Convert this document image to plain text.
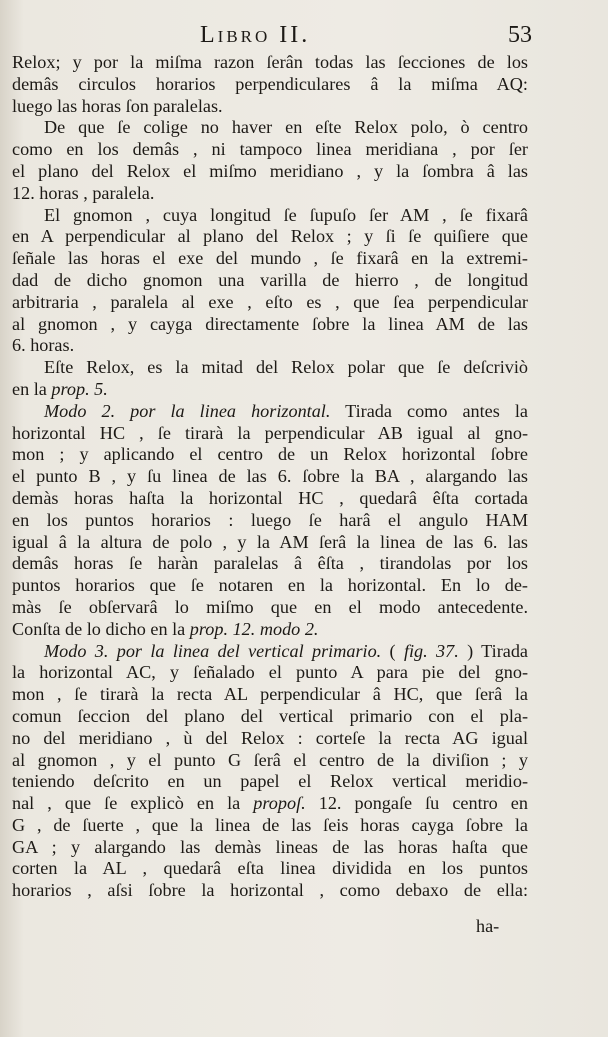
Libro II.	53

Relox; y por la miſma razon ſerân todas las ſecciones de los
demâs circulos horarios perpendiculares â la miſma AQ:
luego las horas ſon paralelas.

De que ſe colige no haver en eſte Relox polo, ò centro
como en los demâs , ni tampoco linea meridiana , por ſer
el plano del Relox el miſmo meridiano , y la ſombra â las
12. horas , paralela.

El gnomon , cuya longitud ſe ſupuſo ſer AM , ſe fixarâ
en A perpendicular al plano del Relox ; y ſi ſe quiſiere que
ſeñale las horas el exe del mundo , ſe fixarâ en la extremi-
dad de dicho gnomon una varilla de hierro , de longitud
arbitraria , paralela al exe , eſto es , que ſea perpendicular
al gnomon , y cayga directamente ſobre la linea AM de las
6. horas.

Eſte Relox, es la mitad del Relox polar que ſe deſcriviò
en la prop. 5.

Modo 2. por la linea horizontal. Tirada como antes la
horizontal HC , ſe tirarà la perpendicular AB igual al gno-
mon ; y aplicando el centro de un Relox horizontal ſobre
el punto B , y ſu linea de las 6. ſobre la BA , alargando las
demàs horas haſta la horizontal HC , quedarâ êſta cortada
en los puntos horarios : luego ſe harâ el angulo HAM
igual â la altura de polo , y la AM ſerâ la linea de las 6. las
demâs horas ſe haràn paralelas â êſta , tirandolas por los
puntos horarios que ſe notaren en la horizontal. En lo de-
màs ſe obſervarâ lo miſmo que en el modo antecedente.
Conſta de lo dicho en la prop. 12. modo 2.

Modo 3. por la linea del vertical primario. ( fig. 37. ) Tirada
la horizontal AC, y ſeñalado el punto A para pie del gno-
mon , ſe tirarà la recta AL perpendicular â HC, que ſerâ la
comun ſeccion del plano del vertical primario con el pla-
no del meridiano , ù del Relox : corteſe la recta AG igual
al gnomon , y el punto G ſerâ el centro de la diviſion ; y
teniendo deſcrito en un papel el Relox vertical meridio-
nal , que ſe explicò en la propoſ. 12. pongaſe ſu centro en
G , de ſuerte , que la linea de las ſeis horas cayga ſobre la
GA ; y alargando las demàs lineas de las horas haſta que
corten la AL , quedarâ eſta linea dividida en los puntos
horarios , aſsi ſobre la horizontal , como debaxo de ella:

ha-
